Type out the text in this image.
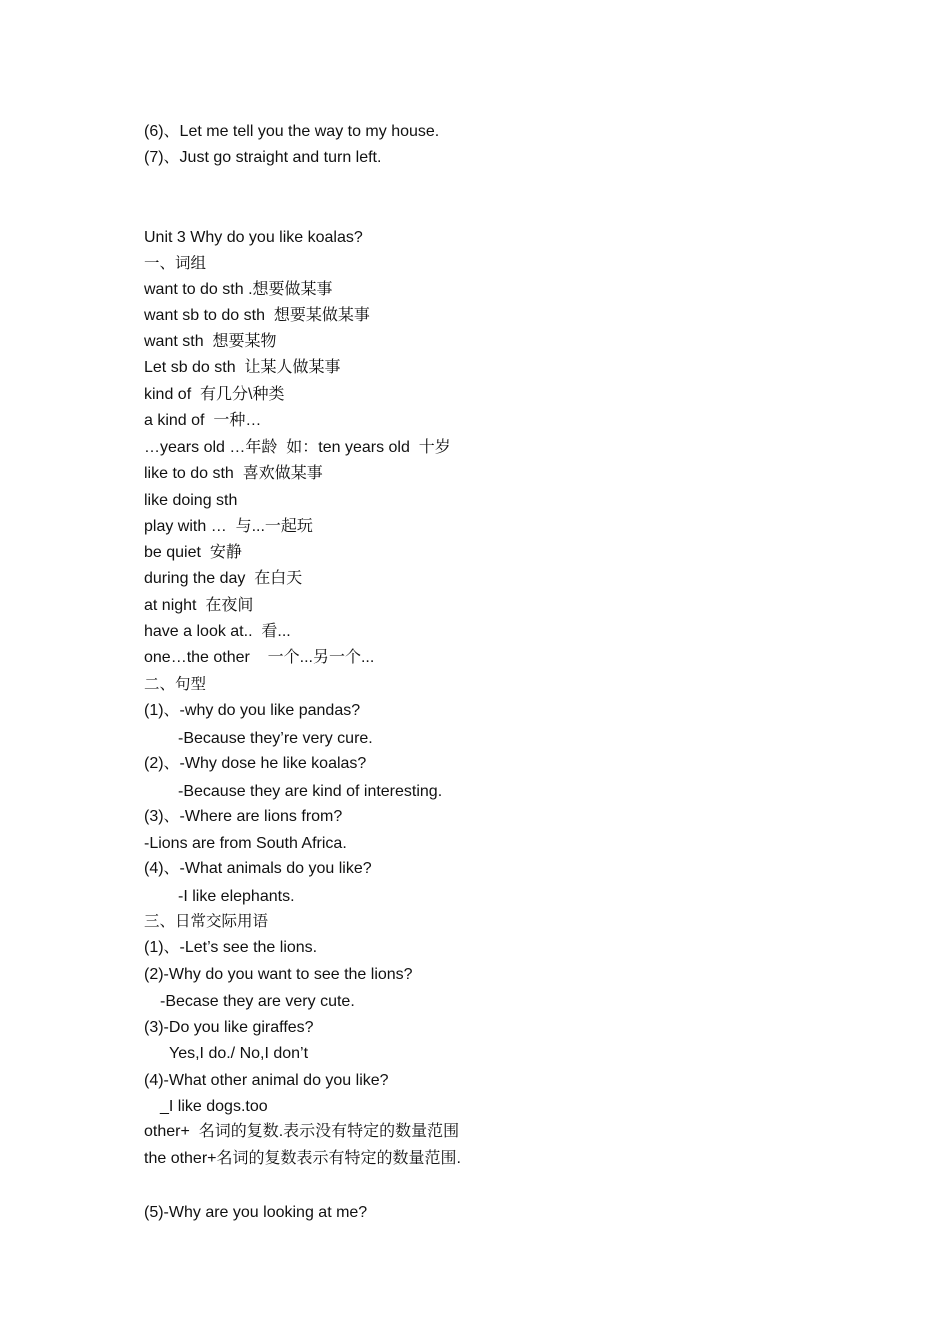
(6)、Let me tell you the way to my house.
(7)、Just go straight and turn left.
Unit 3 Why do you like koalas?
一、词组
want to do sth .想要做某事
want sb to do sth  想要某做某事
want sth  想要某物
Let sb do sth  让某人做某事
kind of  有几分\种类
a kind of  一种…
…years old …年龄  如：ten years old  十岁
like to do sth  喜欢做某事
like doing sth
play with …  与...一起玩
be quiet  安静
during the day  在白天
at night  在夜间
have a look at..  看...
one…the other    一个...另一个...
二、句型
(1)、-why do you like pandas?
-Because they’re very cure.
(2)、-Why dose he like koalas?
-Because they are kind of interesting.
(3)、-Where are lions from?
-Lions are from South Africa.
(4)、-What animals do you like?
-I like elephants.
三、日常交际用语
(1)、-Let’s see the lions.
(2)-Why do you want to see the lions?
-Becase they are very cute.
(3)-Do you like giraffes?
Yes,I do./ No,I don’t
(4)-What other animal do you like?
_I like dogs.too
other+  名词的复数.表示没有特定的数量范围
the other+名词的复数表示有特定的数量范围.
(5)-Why are you looking at me?
